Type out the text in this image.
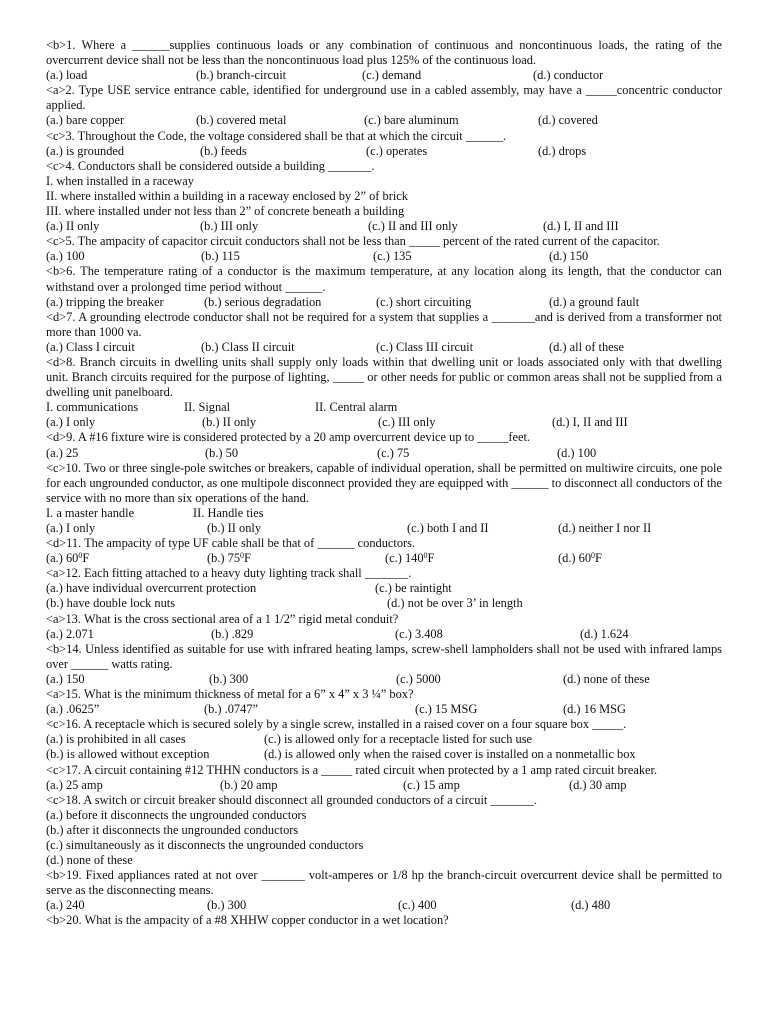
<b>1. Where a ______supplies continuous loads or any combination of continuous and noncontinuous loads, the rating of the overcurrent device shall not be less than the noncontinuous load plus 125% of the continuous load.
(a.) load	(b.) branch-circuit	(c.) demand	(d.) conductor
<a>2. Type USE service entrance cable, identified for underground use in a cabled assembly, may have a _____concentric conductor applied.
(a.) bare copper	(b.) covered metal	(c.) bare aluminum	(d.) covered
<c>3. Throughout the Code, the voltage considered shall be that at which the circuit ______.
(a.) is grounded	(b.) feeds	(c.) operates	(d.) drops
<c>4. Conductors shall be considered outside a building _______.
I. when installed in a raceway
II. where installed within a building in a raceway enclosed by 2” of brick
III. where installed under not less than 2” of concrete beneath a building
(a.) II only	(b.) III only	(c.) II and III only	(d.) I, II and III
<c>5. The ampacity of capacitor circuit conductors shall not be less than _____ percent of the rated current of the capacitor.
(a.) 100	(b.) 115	(c.) 135	(d.) 150
<b>6. The temperature rating of a conductor is the maximum temperature, at any location along its length, that the conductor can withstand over a prolonged time period without ______.
(a.) tripping the breaker	(b.) serious degradation	(c.) short circuiting	(d.) a ground fault
<d>7. A grounding electrode conductor shall not be required for a system that supplies a _______and is derived from a transformer not more than 1000 va.
(a.) Class I circuit	(b.) Class II circuit	(c.) Class III circuit	(d.) all of these
<d>8. Branch circuits in dwelling units shall supply only loads within that dwelling unit or loads associated only with that dwelling unit. Branch circuits required for the purpose of lighting, _____ or other needs for public or common areas shall not be supplied from a dwelling unit panelboard.
I. communications	II. Signal	II. Central alarm
(a.) I only	(b.) II only	(c.) III only	(d.) I, II and III
<d>9. A #16 fixture wire is considered protected by a 20 amp overcurrent device up to _____feet.
(a.) 25	(b.) 50	(c.) 75	(d.) 100
<c>10. Two or three single-pole switches or breakers, capable of individual operation, shall be permitted on multiwire circuits, one pole for each ungrounded conductor, as one multipole disconnect provided they are equipped with ______ to disconnect all conductors of the service with no more than six operations of the hand.
I. a master handle	II. Handle ties
(a.) I only	(b.) II only	(c.) both I and II	(d.) neither I nor II
<d>11. The ampacity of type UF cable shall be that of ______ conductors.
(a.) $60^0F$	(b.) $75^0F$	(c.) $140^0F$	(d.) $60^0F$
<a>12. Each fitting attached to a heavy duty lighting track shall _______.
(a.) have individual overcurrent protection	(c.) be raintight
(b.) have double lock nuts	(d.) not be over 3’ in length
<a>13. What is the cross sectional area of a 1 1/2” rigid metal conduit?
(a.) 2.071	(b.) .829	(c.) 3.408	(d.) 1.624
<b>14. Unless identified as suitable for use with infrared heating lamps, screw-shell lampholders shall not be used with infrared lamps over ______ watts rating.
(a.) 150	(b.) 300	(c.) 5000	(d.) none of these
<a>15. What is the minimum thickness of metal for a 6” x 4” x 3 ¼” box?
(a.) .0625”	(b.) .0747”	(c.) 15 MSG	(d.) 16 MSG
<c>16. A receptacle which is secured solely by a single screw, installed in a raised cover on a four square box _____.
(a.) is prohibited in all cases	(c.) is allowed only for a receptacle listed for such use
(b.) is allowed without exception	(d.) is allowed only when the raised cover is installed on a nonmetallic box
<c>17. A circuit containing #12 THHN conductors is a _____ rated circuit when protected by a 1 amp rated circuit breaker.
(a.) 25 amp	(b.) 20 amp	(c.) 15 amp	(d.) 30 amp
<c>18. A switch or circuit breaker should disconnect all grounded conductors of a circuit _______.
(a.) before it disconnects the ungrounded conductors
(b.) after it disconnects the ungrounded conductors
(c.) simultaneously as it disconnects the ungrounded conductors
(d.) none of these
<b>19. Fixed appliances rated at not over _______ volt-amperes or 1/8 hp the branch-circuit overcurrent device shall be permitted to serve as the disconnecting means.
(a.) 240	(b.) 300	(c.) 400	(d.) 480
<b>20. What is the ampacity of a #8 XHHW copper conductor in a wet location?
